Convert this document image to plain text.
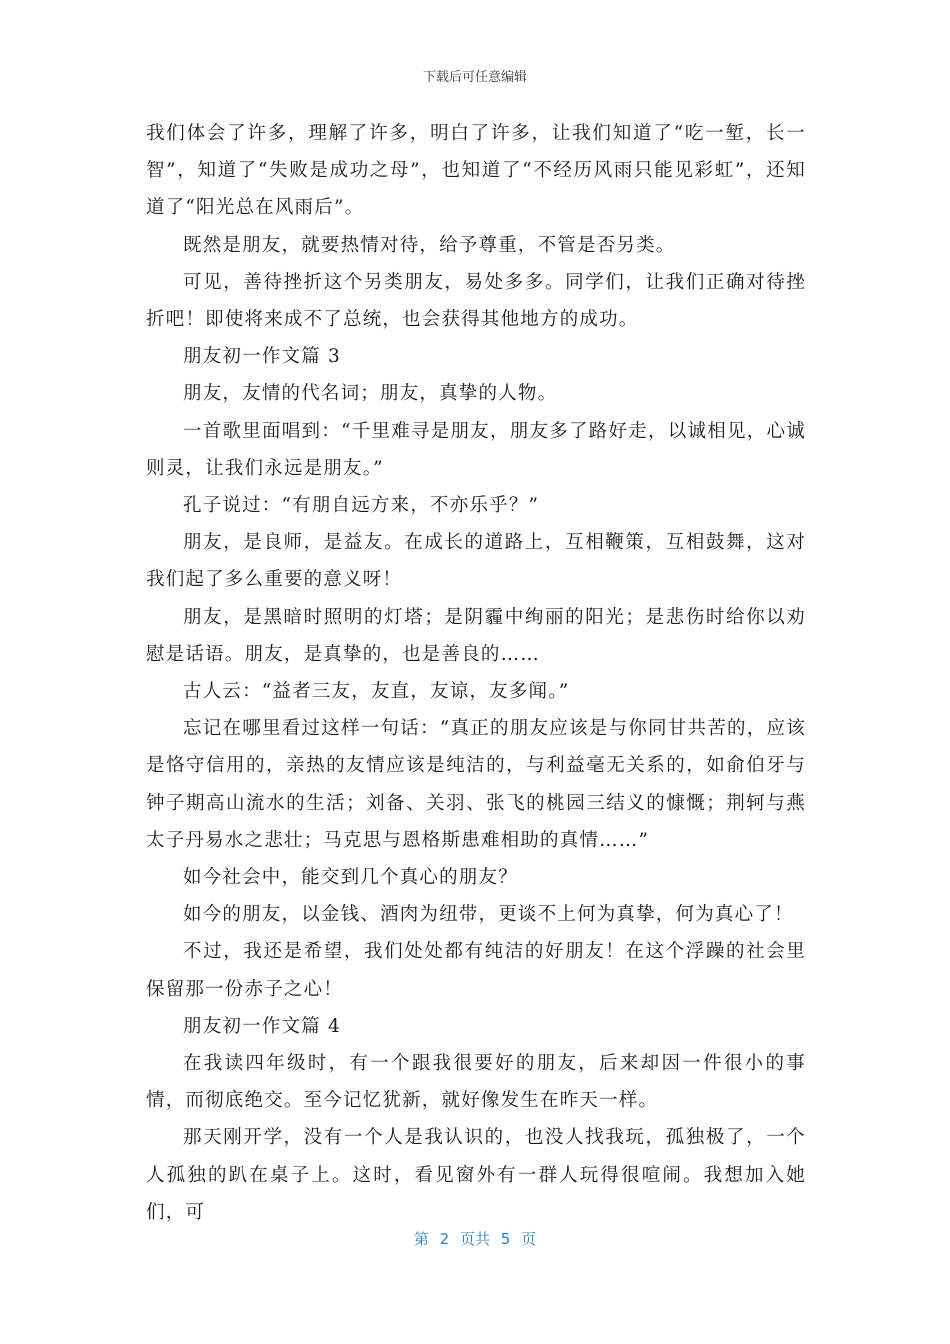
下载后可任意编辑

我们体会了许多，理解了许多，明白了许多，让我们知道了“吃一堑，长一智”，知道了“失败是成功之母”，也知道了“不经历风雨只能见彩虹”，还知道了“阳光总在风雨后”。

既然是朋友，就要热情对待，给予尊重，不管是否另类。

可见，善待挫折这个另类朋友，易处多多。同学们，让我们正确对待挫折吧！即使将来成不了总统，也会获得其他地方的成功。

朋友初一作文篇 3

朋友，友情的代名词；朋友，真挚的人物。

一首歌里面唱到：“千里难寻是朋友，朋友多了路好走，以诚相见，心诚则灵，让我们永远是朋友。”

孔子说过：“有朋自远方来，不亦乐乎？”

朋友，是良师，是益友。在成长的道路上，互相鞭策，互相鼓舞，这对我们起了多么重要的意义呀！

朋友，是黑暗时照明的灯塔；是阴霾中绚丽的阳光；是悲伤时给你以劝慰是话语。朋友，是真挚的，也是善良的……

古人云：“益者三友，友直，友谅，友多闻。”

忘记在哪里看过这样一句话：“真正的朋友应该是与你同甘共苦的，应该是恪守信用的，亲热的友情应该是纯洁的，与利益毫无关系的，如俞伯牙与钟子期高山流水的生活；刘备、关羽、张飞的桃园三结义的慷慨；荆轲与燕太子丹易水之悲壮；马克思与恩格斯患难相助的真情……”

如今社会中，能交到几个真心的朋友？

如今的朋友，以金钱、酒肉为纽带，更谈不上何为真挚，何为真心了！

不过，我还是希望，我们处处都有纯洁的好朋友！在这个浮躁的社会里保留那一份赤子之心！

朋友初一作文篇 4

在我读四年级时，有一个跟我很要好的朋友，后来却因一件很小的事情，而彻底绝交。至今记忆犹新，就好像发生在昨天一样。

那天刚开学，没有一个人是我认识的，也没人找我玩，孤独极了，一个人孤独的趴在桌子上。这时，看见窗外有一群人玩得很喧闹。我想加入她们，可

第 2 页共 5 页
